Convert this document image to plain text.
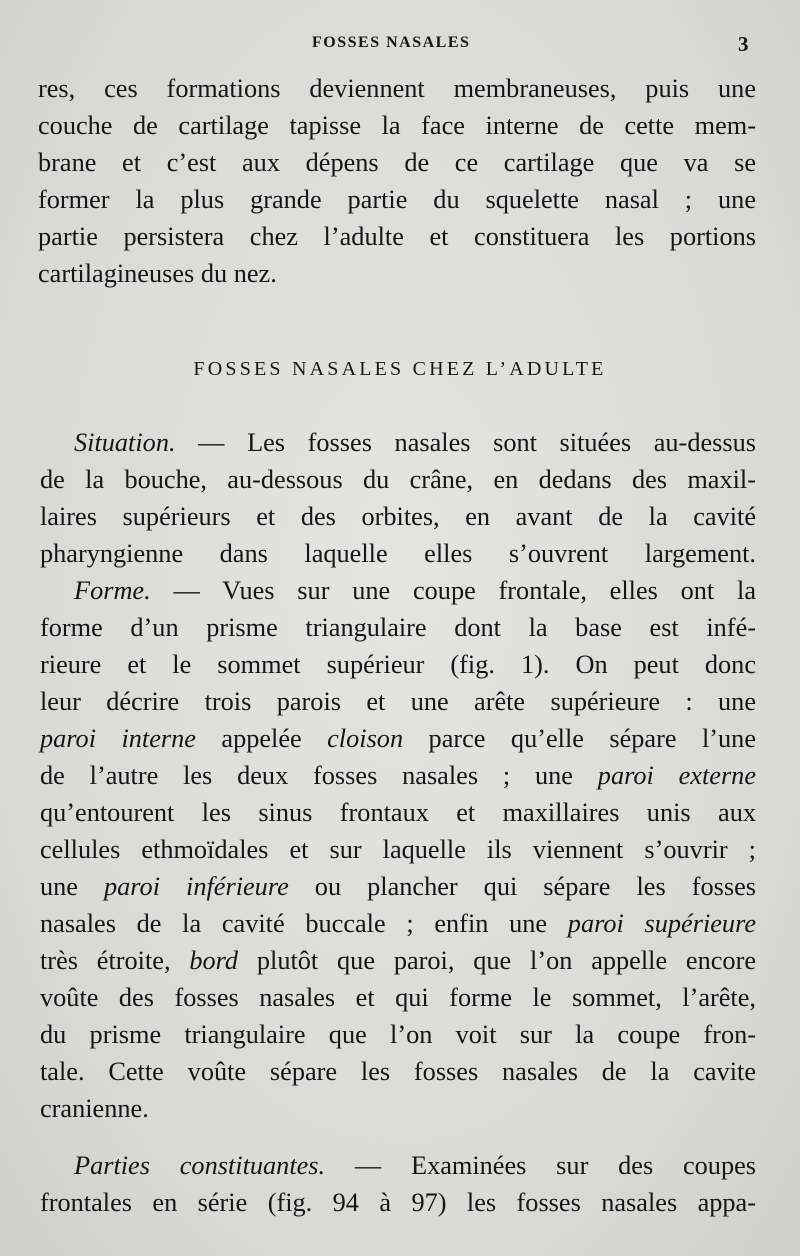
FOSSES NASALES	3
res, ces formations deviennent membraneuses, puis une
couche de cartilage tapisse la face interne de cette mem-
brane et c’est aux dépens de ce cartilage que va se
former la plus grande partie du squelette nasal ; une
partie persistera chez l’adulte et constituera les portions
cartilagineuses du nez.
FOSSES NASALES CHEZ L’ADULTE
Situation. — Les fosses nasales sont situées au-dessus
de la bouche, au-dessous du crâne, en dedans des maxil-
laires supérieurs et des orbites, en avant de la cavité
pharyngienne dans laquelle elles s’ouvrent largement.
Forme. — Vues sur une coupe frontale, elles ont la
forme d’un prisme triangulaire dont la base est infé-
rieure et le sommet supérieur (fig. 1). On peut donc
leur décrire trois parois et une arête supérieure : une
paroi interne appelée cloison parce qu’elle sépare l’une
de l’autre les deux fosses nasales ; une paroi externe
qu’entourent les sinus frontaux et maxillaires unis aux
cellules ethmoïdales et sur laquelle ils viennent s’ouvrir ;
une paroi inférieure ou plancher qui sépare les fosses
nasales de la cavité buccale ; enfin une paroi supérieure
très étroite, bord plutôt que paroi, que l’on appelle encore
voûte des fosses nasales et qui forme le sommet, l’arête,
du prisme triangulaire que l’on voit sur la coupe fron-
tale. Cette voûte sépare les fosses nasales de la cavite
cranienne.
Parties constituantes. — Examinées sur des coupes
frontales en série (fig. 94 à 97) les fosses nasales appa-
